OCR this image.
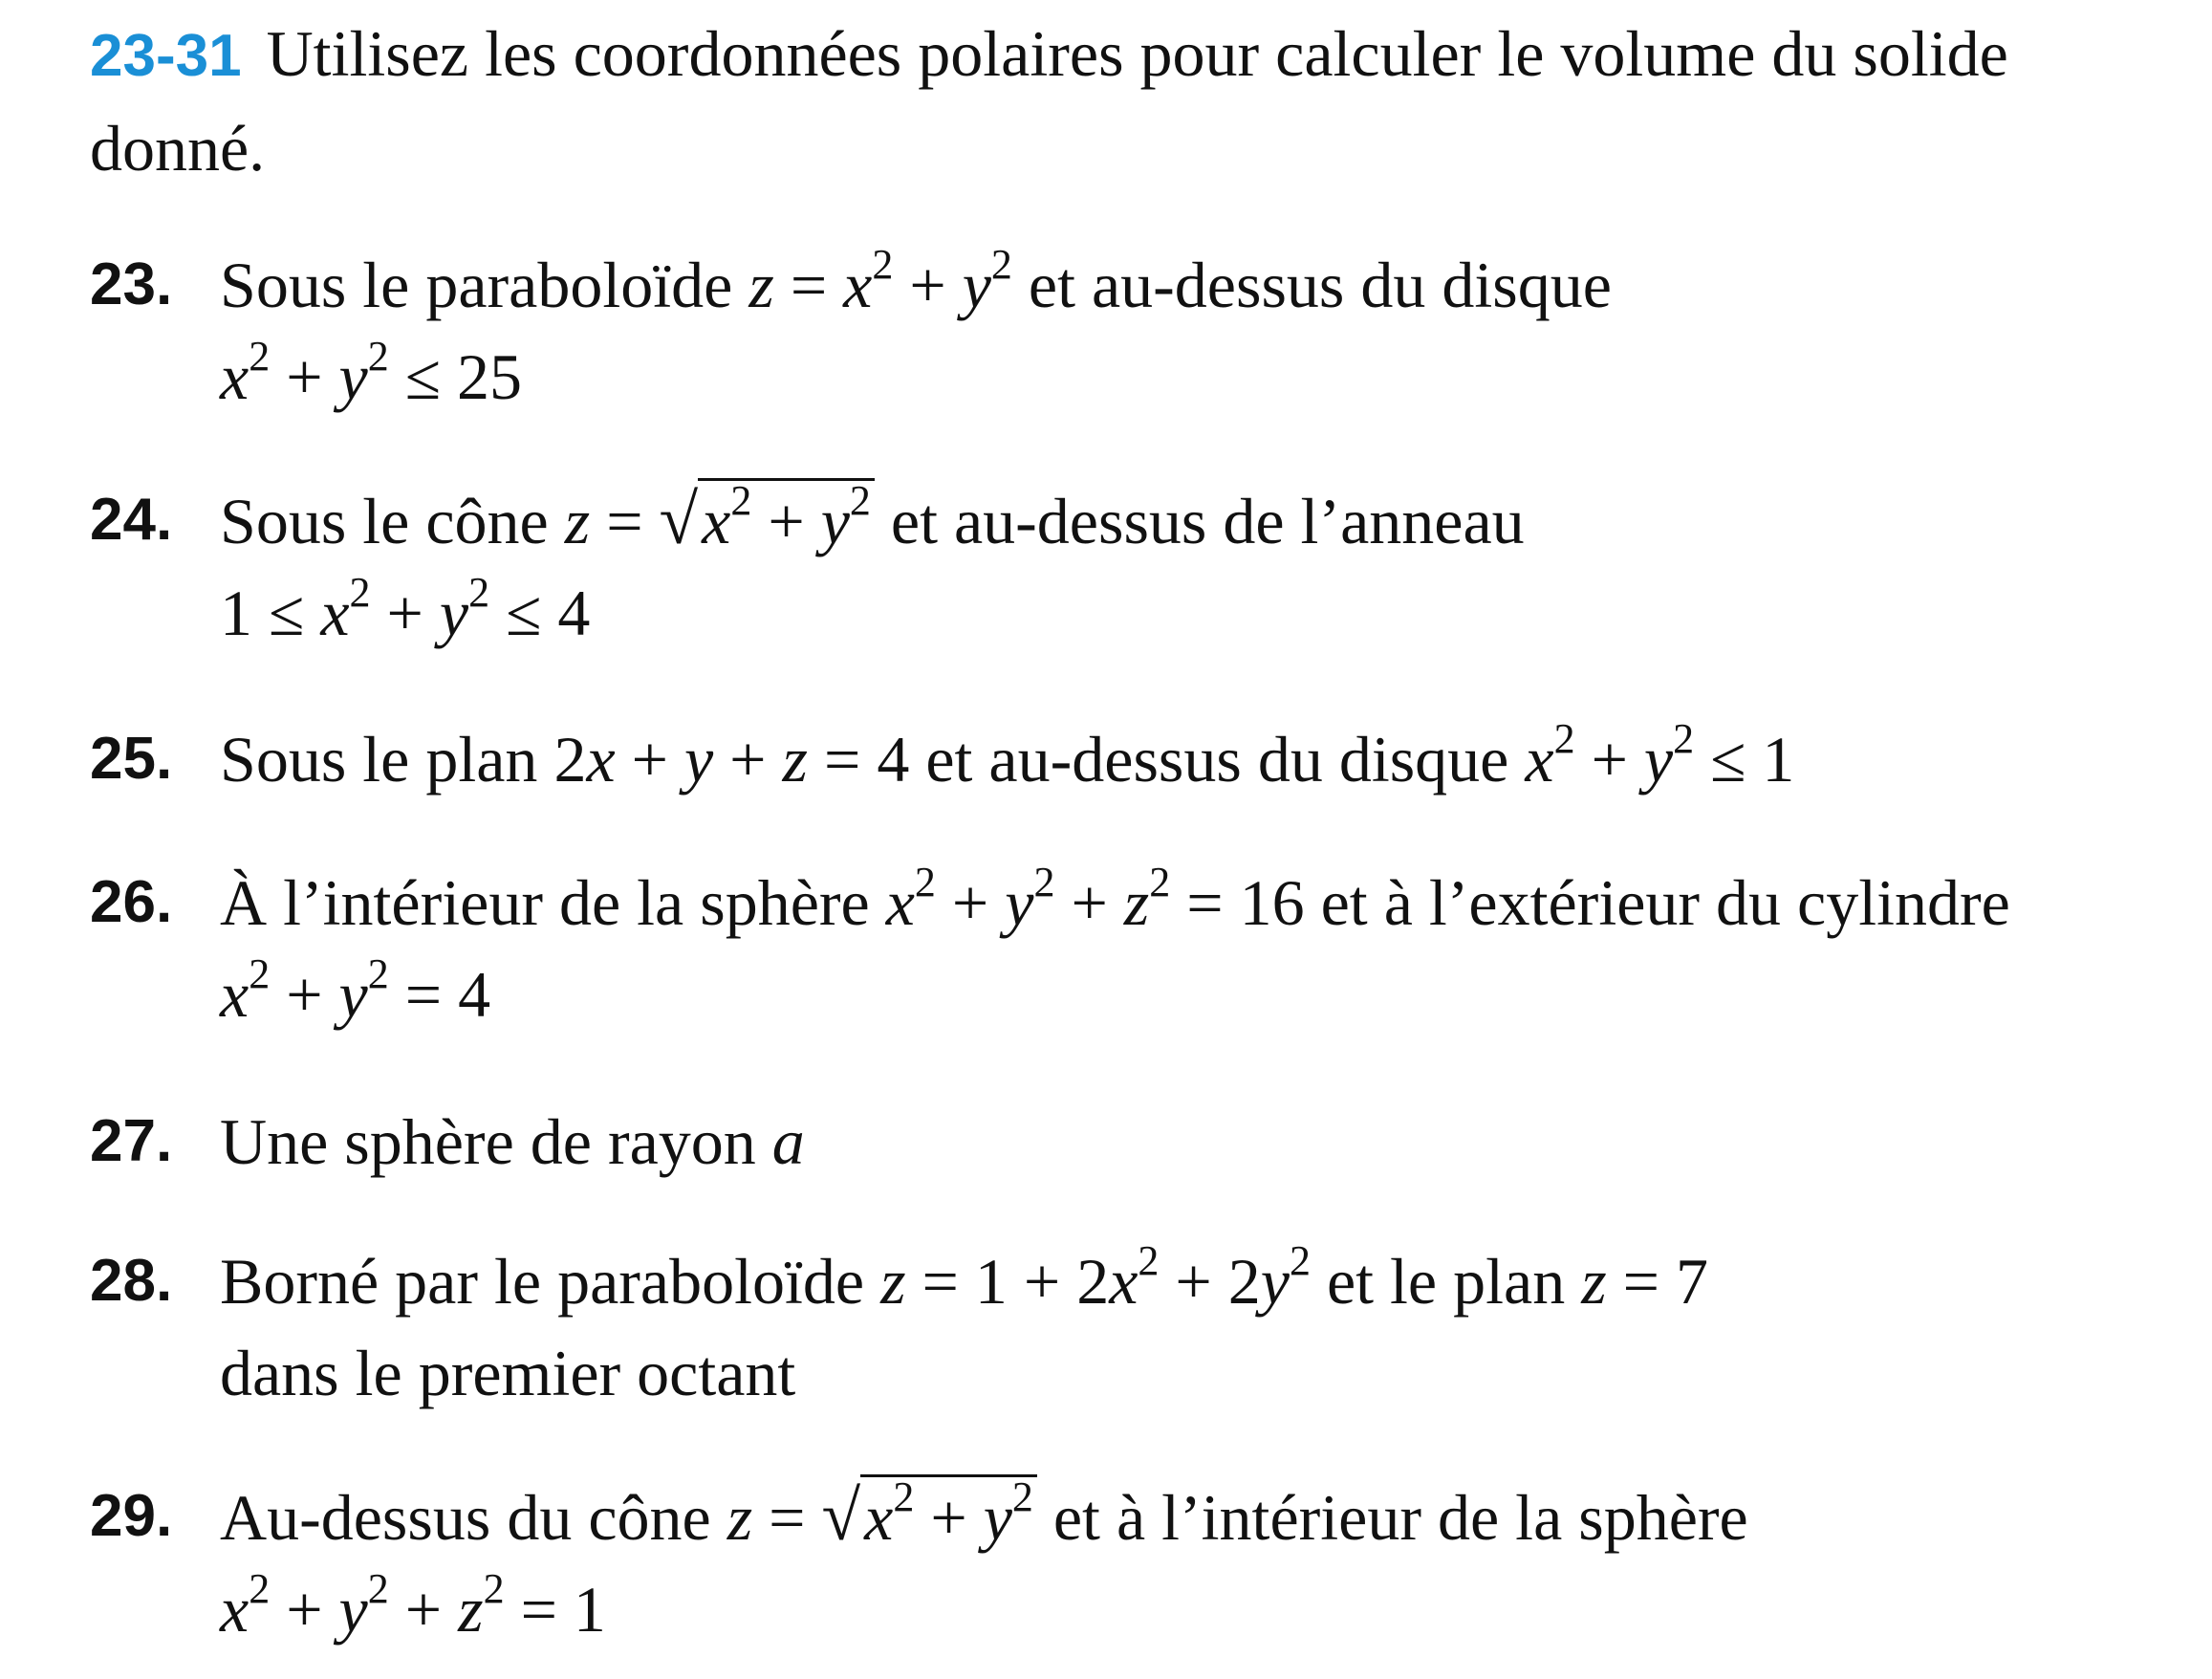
23-31 Utilisez les coordonnées polaires pour calculer le volume du solide donné.
23. Sous le paraboloïde $z = x^2 + y^2$ et au-dessus du disque
$x^2 + y^2 \le 25$
24. Sous le cône $z = √x^2 + y^2$ et au-dessus de l’anneau
$1 \le x^2 + y^2 \le 4$
25. Sous le plan 2x + y + z = 4 et au-dessus du disque $x^2 + y^2 \le 1$
26. À l’intérieur de la sphère $x^2 + y^2 + z^2 = 16$ et à l’extérieur du cylindre $x^2 + y^2 = 4$
27. Une sphère de rayon a
28. Borné par le paraboloïde $z = 1 + 2x^2 + 2y^2$ et le plan z = 7
dans le premier octant
29. Au-dessus du cône $z = √x^2 + y^2$ et à l’intérieur de la sphère
$x^2 + y^2 + z^2 = 1$
